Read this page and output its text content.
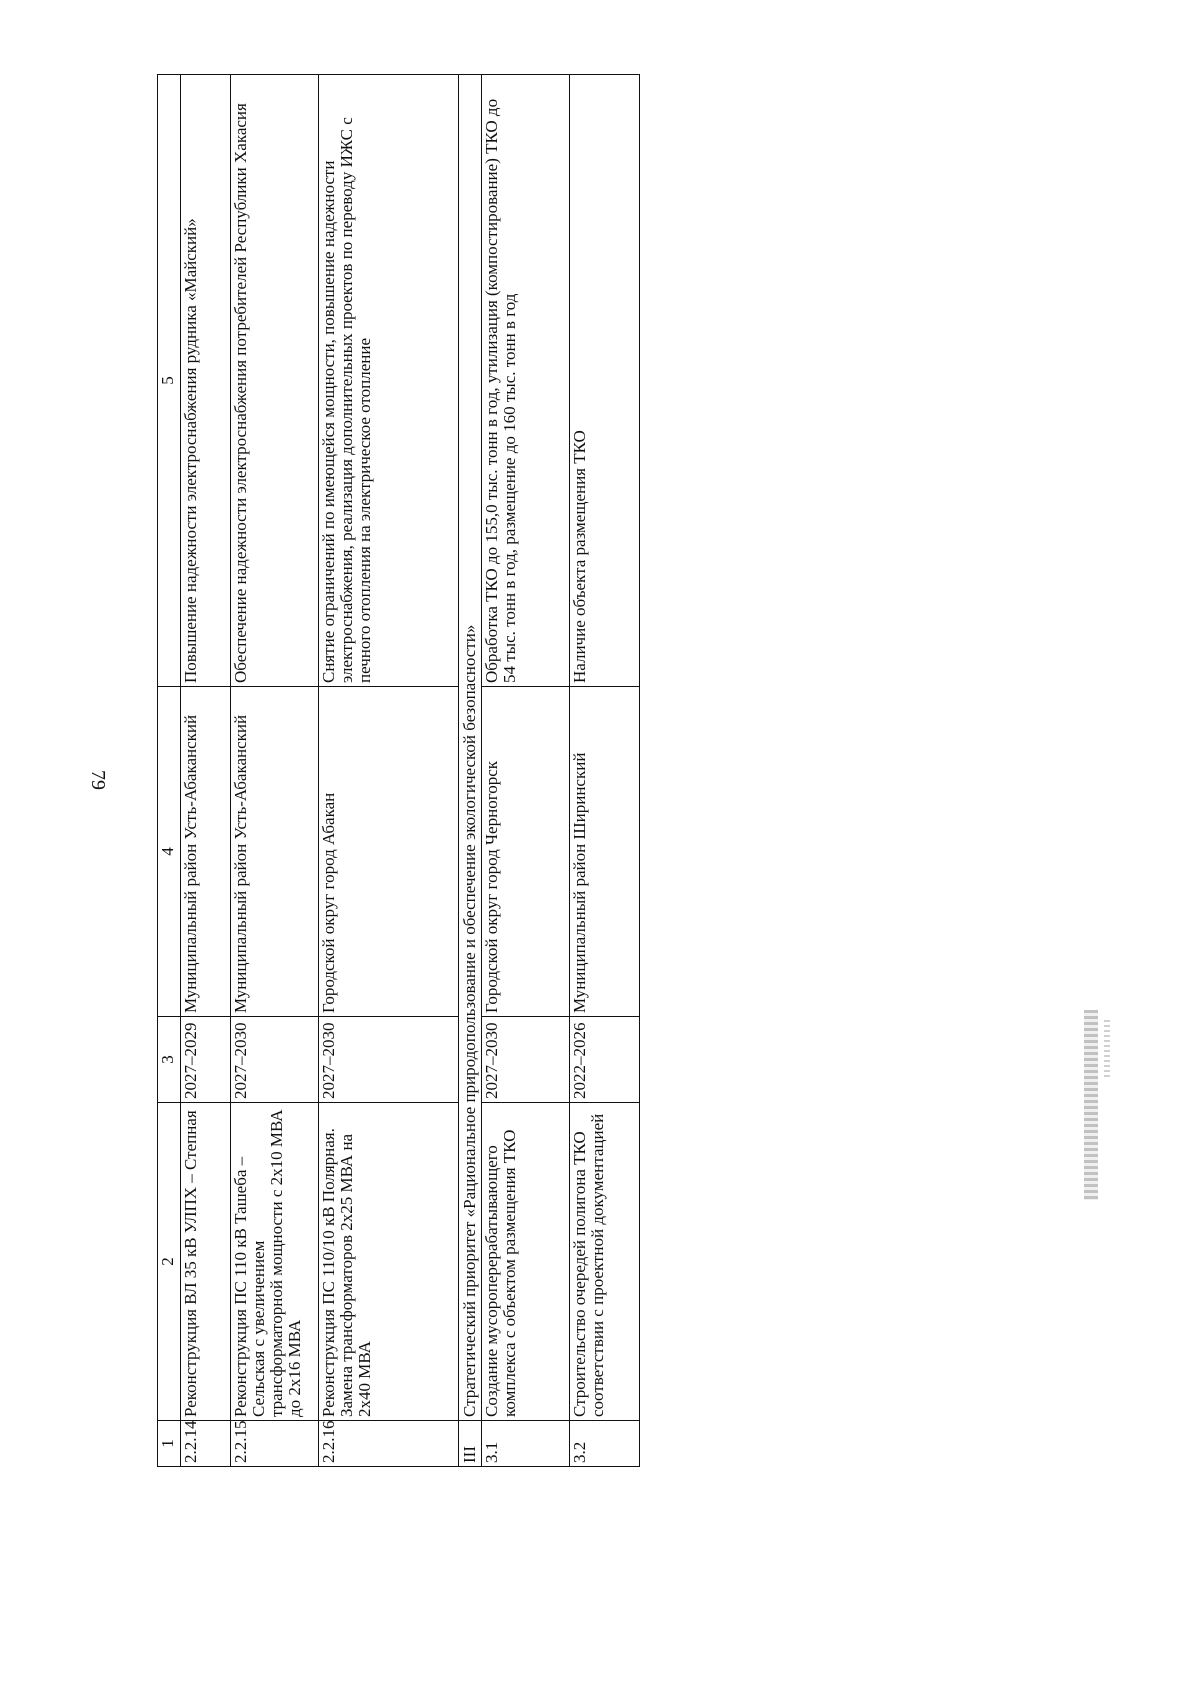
79
1	2	3	4	5
2.2.14	Реконструкция ВЛ 35 кВ УЛПХ – Степная	2027–2029	Муниципальный район Усть-Абаканский	Повышение надежности электроснабжения рудника «Майский»
2.2.15	Реконструкция ПС 110 кВ Ташеба – Сельская с увеличением трансформаторной мощности с 2х10 МВА до 2х16 МВА	2027–2030	Муниципальный район Усть-Абаканский	Обеспечение надежности электроснабжения потребителей Республики Хакасия
2.2.16	Реконструкция ПС 110/10 кВ Полярная. Замена трансформаторов 2х25 МВА на 2х40 МВА	2027–2030	Городской округ город Абакан	Снятие ограничений по имеющейся мощности, повышение надежности электроснабжения, реализация дополнительных проектов по переводу ИЖС с печного отопления на электрическое отопление
III	Стратегический приоритет «Рациональное природопользование и обеспечение экологической безопасности»			
3.1	Создание мусороперерабатывающего комплекса с объектом размещения ТКО	2027–2030	Городской округ город Черногорск	Обработка ТКО до 155,0 тыс. тонн в год, утилизация (компостирование) ТКО до 54 тыс. тонн в год, размещение до 160 тыс. тонн в год
3.2	Строительство очередей полигона ТКО соответствии с проектной документацией	2022–2026	Муниципальный район Ширинский	Наличие объекта размещения ТКО
